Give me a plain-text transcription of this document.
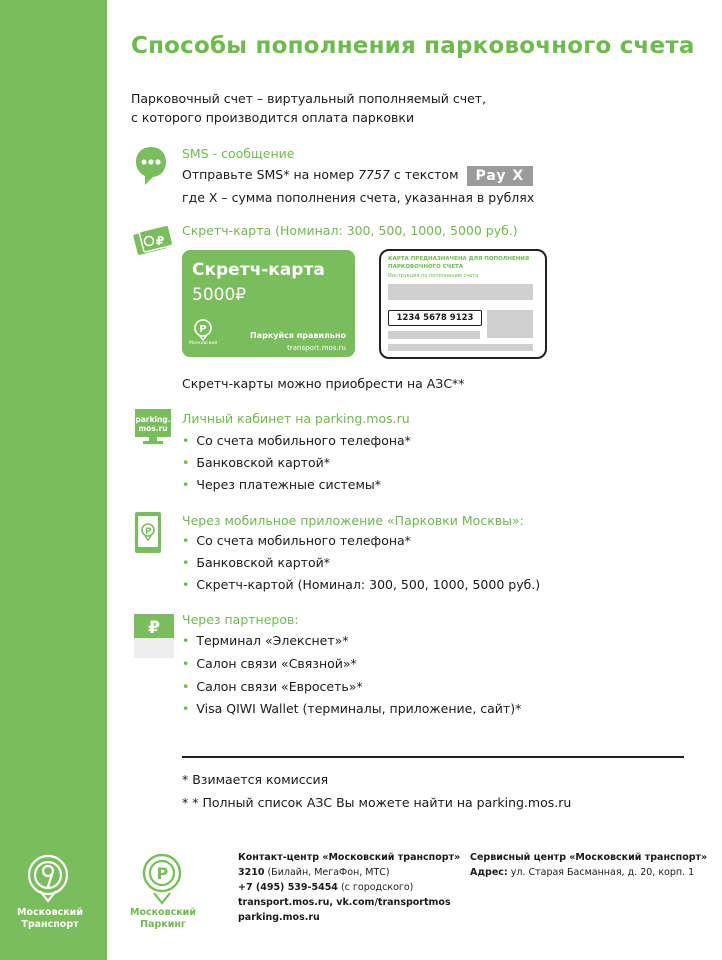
Способы пополнения парковочного счета
Парковочный счет – виртуальный пополняемый счет,
с которого производится оплата парковки
SMS - сообщение
Отправьте SMS* на номер 7757 с текстом Pay X
где X – сумма пополнения счета, указанная в рублях
₽
Скретч-карта (Номинал: 300, 500, 1000, 5000 руб.)
Скретч-карта
5000₽
P
Московский
Паркуйся правильно
transport.mos.ru
КАРТА ПРЕДНАЗНАЧЕНА ДЛЯ ПОПОЛНЕНИЯ
ПАРКОВОЧНОГО СЧЕТА
Инструкция по пополнению счета
1234 5678 9123
Скретч-карты можно приобрести на АЗС**
parking.
mos.ru
Личный кабинет на parking.mos.ru
• Со счета мобильного телефона*
• Банковской картой*
• Через платежные системы*
P
Через мобильное приложение «Парковки Москвы»:
• Со счета мобильного телефона*
• Банковской картой*
• Скретч-картой (Номинал: 300, 500, 1000, 5000 руб.)
₽ Через партнеров:
• Терминал «Элекснет»*
• Салон связи «Связной»*
• Салон связи «Евросеть»*
• Visa QIWI Wallet (терминалы, приложение, сайт)*
* Взимается комиссия
* * Полный список АЗС Вы можете найти на parking.mos.ru
Московский
Транспорт
P
Московский
Паркинг
Контакт-центр «Московский транспорт»
3210 (Билайн, МегаФон, МТС)
+7 (495) 539-5454 (с городского)
transport.mos.ru, vk.com/transportmos
parking.mos.ru
Сервисный центр «Московский транспорт»
Адрес: ул. Старая Басманная, д. 20, корп. 1
